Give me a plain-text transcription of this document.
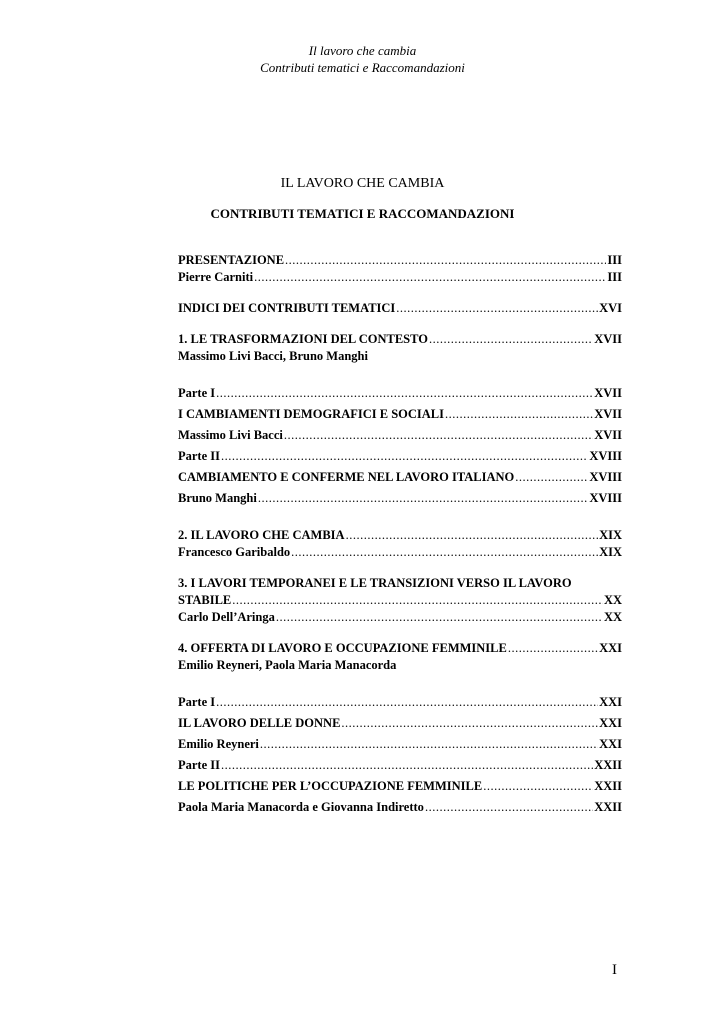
Il lavoro che cambia
Contributi tematici e Raccomandazioni
IL LAVORO CHE CAMBIA
CONTRIBUTI TEMATICI E RACCOMANDAZIONI
PRESENTAZIONE .....	III
Pierre Carniti .....	III
INDICI DEI CONTRIBUTI TEMATICI .....	XVI
1. LE TRASFORMAZIONI DEL CONTESTO .....	XVII
Massimo Livi Bacci, Bruno Manghi
Parte I .....	XVII
I CAMBIAMENTI DEMOGRAFICI E SOCIALI .....	XVII
Massimo Livi Bacci .....	XVII
Parte II .....	XVIII
CAMBIAMENTO E CONFERME NEL LAVORO ITALIANO .....	XVIII
Bruno Manghi .....	XVIII
2. IL LAVORO CHE CAMBIA .....	XIX
Francesco Garibaldo .....	XIX
3. I LAVORI TEMPORANEI E LE TRANSIZIONI VERSO IL LAVORO
STABILE .....	XX
Carlo Dell’Aringa .....	XX
4. OFFERTA DI LAVORO E OCCUPAZIONE FEMMINILE .....	XXI
Emilio Reyneri, Paola Maria Manacorda
Parte I .....	XXI
IL LAVORO DELLE DONNE .....	XXI
Emilio Reyneri .....	XXI
Parte II .....	XXII
LE POLITICHE PER L’OCCUPAZIONE FEMMINILE .....	XXII
Paola Maria Manacorda e Giovanna Indiretto .....	XXII
I
